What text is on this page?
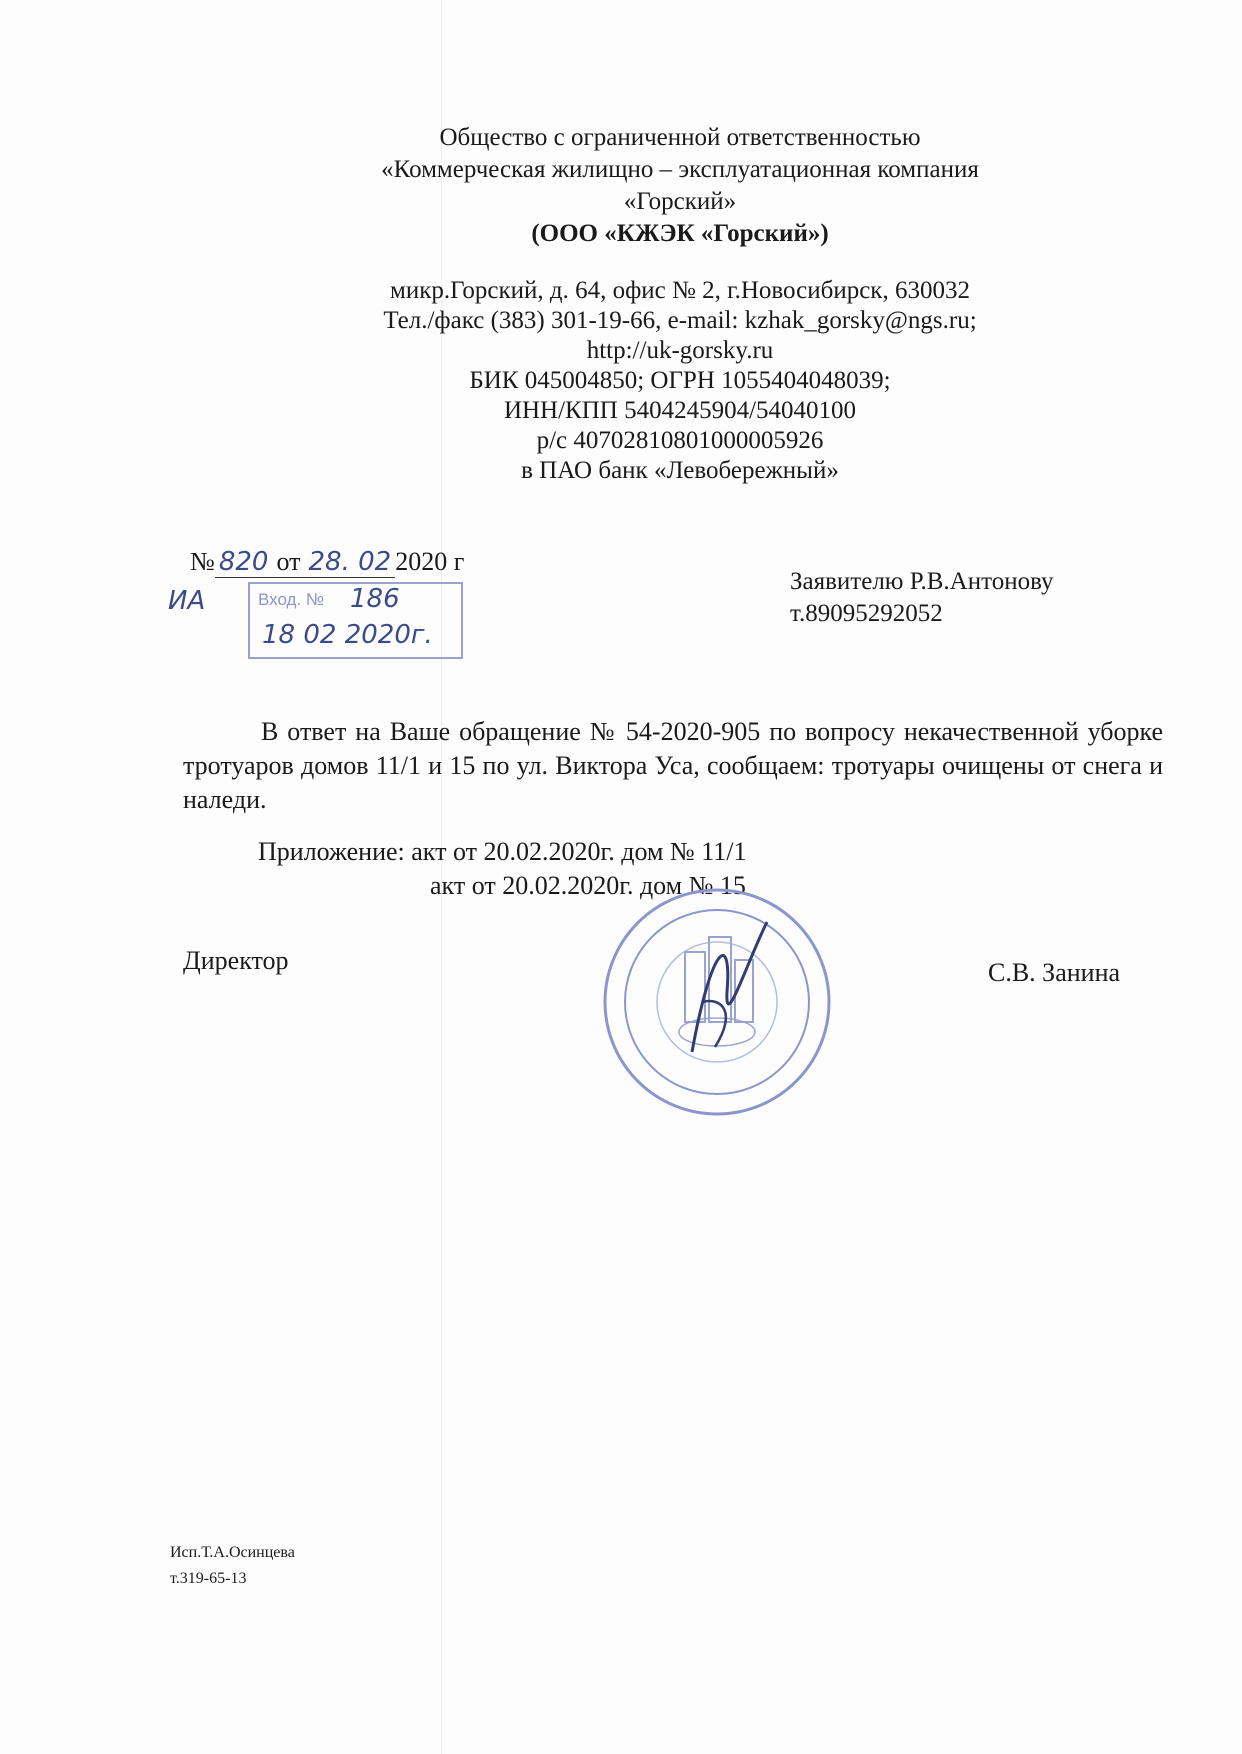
Общество с ограниченной ответственностью
«Коммерческая жилищно – эксплуатационная компания
«Горский»
(ООО «КЖЭК «Горский»)
микр.Горский, д. 64, офис № 2, г.Новосибирск, 630032
Тел./факс (383) 301-19-66, e-mail: kzhak_gorsky@ngs.ru;
http://uk-gorsky.ru
БИК 045004850; ОГРН 1055404048039;
ИНН/КПП 5404245904/54040100
р/с 40702810801000005926
в ПАО банк «Левобережный»
№ 820 от 28. 02 2020 г
ИА	Вход. № 186
18 02 2020г.
Заявителю Р.В.Антонову
т.89095292052

В ответ на Ваше обращение № 54-2020-905 по вопросу некачественной уборке тротуаров домов 11/1 и 15 по ул. Виктора Уса, сообщаем: тротуары очищены от снега и наледи.

Приложение: акт от 20.02.2020г. дом № 11/1
акт от 20.02.2020г. дом № 15
Директор	С.В. Занина
Исп.Т.А.Осинцева
т.319-65-13
